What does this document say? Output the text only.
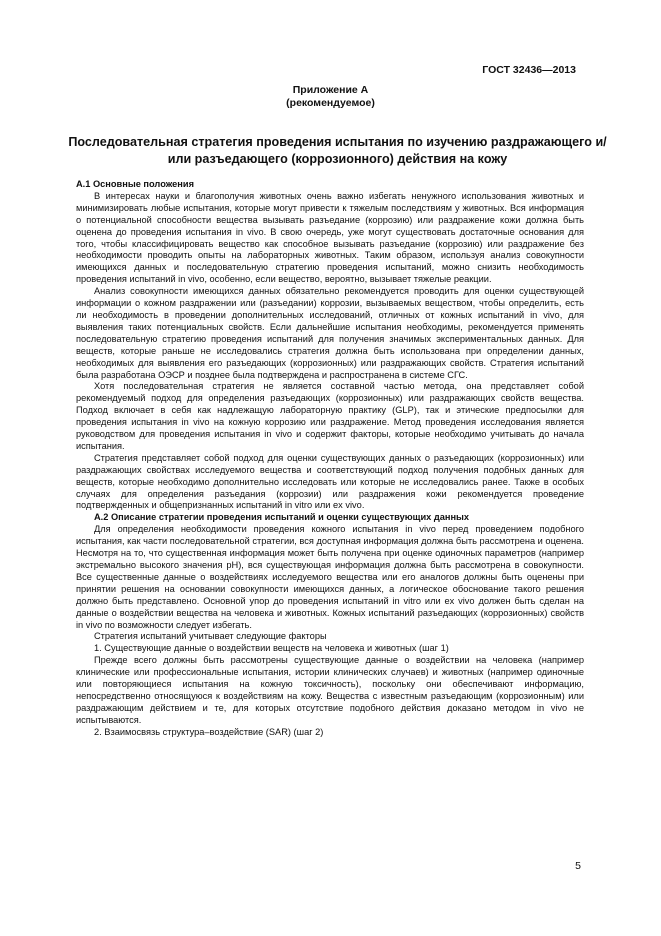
ГОСТ 32436—2013
Приложение А
(рекомендуемое)
Последовательная стратегия проведения испытания по изучению раздражающего и/или разъедающего (коррозионного) действия на кожу
А.1 Основные положения

В интересах науки и благополучия животных очень важно избегать ненужного использования животных и минимизировать любые испытания, которые могут привести к тяжелым последствиям у животных. Вся информация о потенциальной способности вещества вызывать разъедание (коррозию) или раздражение кожи должна быть оценена до проведения испытания in vivo. В свою очередь, уже могут существовать достаточные основания для того, чтобы классифицировать вещество как способное вызывать разъедание (коррозию) или раздражение без необходимости проводить опыты на лабораторных животных. Таким образом, используя анализ совокупности имеющихся данных и последовательную стратегию проведения испытаний, можно снизить необходимость проведения испытаний in vivo, особенно, если вещество, вероятно, вызывает тяжелые реакции.

Анализ совокупности имеющихся данных обязательно рекомендуется проводить для оценки существующей информации о кожном раздражении или (разъедании) коррозии, вызываемых веществом, чтобы определить, есть ли необходимость в проведении дополнительных исследований, отличных от кожных испытаний in vivo, для выявления таких потенциальных свойств. Если дальнейшие испытания необходимы, рекомендуется применять последовательную стратегию проведения испытаний для получения значимых экспериментальных данных. Для веществ, которые раньше не исследовались стратегия должна быть использована при определении данных, необходимых для выявления его разъедающих (коррозионных) или раздражающих свойств. Стратегия испытаний была разработана ОЭСР и позднее была подтверждена и распространена в системе СГС.

Хотя последовательная стратегия не является составной частью метода, она представляет собой рекомендуемый подход для определения разъедающих (коррозионных) или раздражающих свойств вещества. Подход включает в себя как надлежащую лабораторную практику (GLP), так и этические предпосылки для проведения испытания in vivo на кожную коррозию или раздражение. Метод проведения исследования является руководством для проведения испытания in vivo и содержит факторы, которые необходимо учитывать до начала испытания.

Стратегия представляет собой подход для оценки существующих данных о разъедающих (коррозионных) или раздражающих свойствах исследуемого вещества и соответствующий подход получения подобных данных для веществ, которые необходимо дополнительно исследовать или которые не исследовались ранее. Также в особых случаях для определения разъедания (коррозии) или раздражения кожи рекомендуется проведение подтвержденных и общепризнанных испытаний in vitro или ex vivo.

А.2 Описание стратегии проведения испытаний и оценки существующих данных

Для определения необходимости проведения кожного испытания in vivo перед проведением подобного испытания, как части последовательной стратегии, вся доступная информация должна быть рассмотрена и оценена. Несмотря на то, что существенная информация может быть получена при оценке одиночных параметров (например экстремально высокого значения pH), вся существующая информация должна быть рассмотрена в совокупности. Все существенные данные о воздействиях исследуемого вещества или его аналогов должны быть оценены при принятии решения на основании совокупности имеющихся данных, а логическое обоснование такого решения должно быть представлено. Основной упор до проведения испытаний in vitro или ex vivo должен быть сделан на данные о воздействии вещества на человека и животных. Кожных испытаний разъедающих (коррозионных) свойств in vivo по возможности следует избегать.

Стратегия испытаний учитывает следующие факторы

1. Существующие данные о воздействии веществ на человека и животных (шаг 1)

Прежде всего должны быть рассмотрены существующие данные о воздействии на человека (например клинические или профессиональные испытания, истории клинических случаев) и животных (например одиночные или повторяющиеся испытания на кожную токсичность), поскольку они обеспечивают информацию, непосредственно относящуюся к воздействиям на кожу. Вещества с известным разъедающим (коррозионным) или раздражающим действием и те, для которых отсутствие подобного действия доказано методом in vivo не испытываются.

2. Взаимосвязь структура–воздействие (SAR) (шаг 2)

5
